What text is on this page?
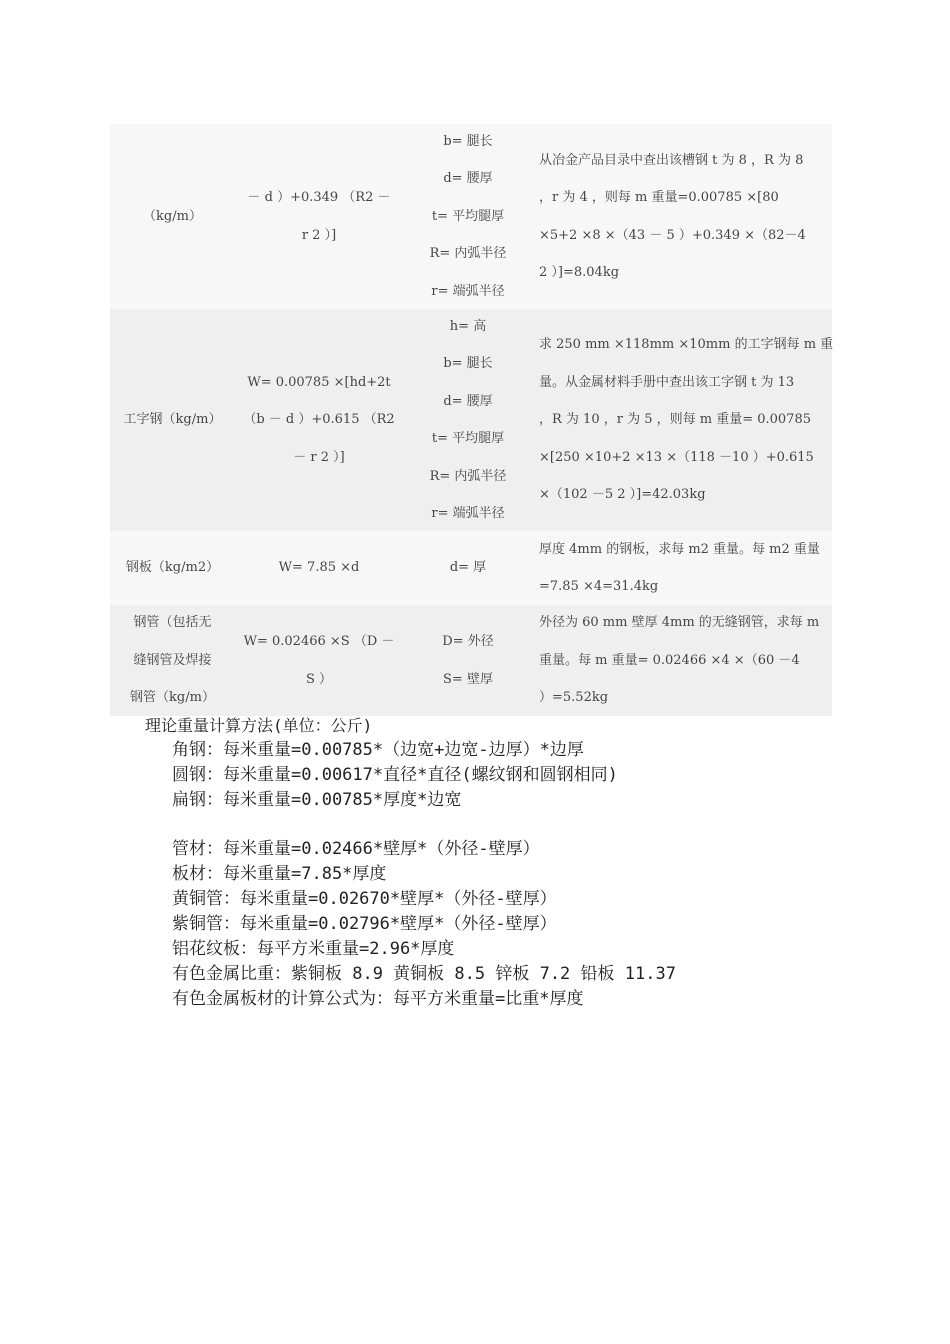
（kg/m）
－ d ）+0.349 （R2 －
r 2 ）]
b= 腿长
d= 腰厚
t= 平均腿厚
R= 内弧半径
r= 端弧半径
从冶金产品目录中查出该槽钢 t 为 8 ，R 为 8
，r 为 4 ，则每 m 重量=0.00785 ×[80
×5+2 ×8 ×（43 － 5 ）+0.349 ×（82－4
2 ）]=8.04kg
工字钢（kg/m）
W= 0.00785 ×[hd+2t
（b － d ）+0.615 （R2
－ r 2 ）]
h= 高
b= 腿长
d= 腰厚
t= 平均腿厚
R= 内弧半径
r= 端弧半径
求 250 mm ×118mm ×10mm 的工字钢每 m 重
量。从金属材料手册中查出该工字钢 t 为 13
，R 为 10 ，r 为 5 ，则每 m 重量= 0.00785
×[250 ×10+2 ×13 ×（118 －10 ）+0.615
×（102 －5 2 ）]=42.03kg
钢板（kg/m2）	W= 7.85 ×d	d= 厚
厚度 4mm 的钢板，求每 m2 重量。每 m2 重量
=7.85 ×4=31.4kg
钢管（包括无
缝钢管及焊接
钢管（kg/m）
W= 0.02466 ×S （D －
S ）
D= 外径
S= 壁厚
外径为 60 mm 壁厚 4mm 的无缝钢管，求每 m
重量。每 m 重量= 0.02466 ×4 ×（60 －4
）=5.52kg
理论重量计算方法(单位：公斤)
角钢：每米重量=0.00785*（边宽+边宽-边厚）*边厚
圆钢：每米重量=0.00617*直径*直径(螺纹钢和圆钢相同)
扁钢：每米重量=0.00785*厚度*边宽
管材：每米重量=0.02466*壁厚*（外径-壁厚）
板材：每米重量=7.85*厚度
黄铜管：每米重量=0.02670*壁厚*（外径-壁厚）
紫铜管：每米重量=0.02796*壁厚*（外径-壁厚）
铝花纹板：每平方米重量=2.96*厚度
有色金属比重：紫铜板 8.9 黄铜板 8.5 锌板 7.2 铅板 11.37
有色金属板材的计算公式为：每平方米重量=比重*厚度
